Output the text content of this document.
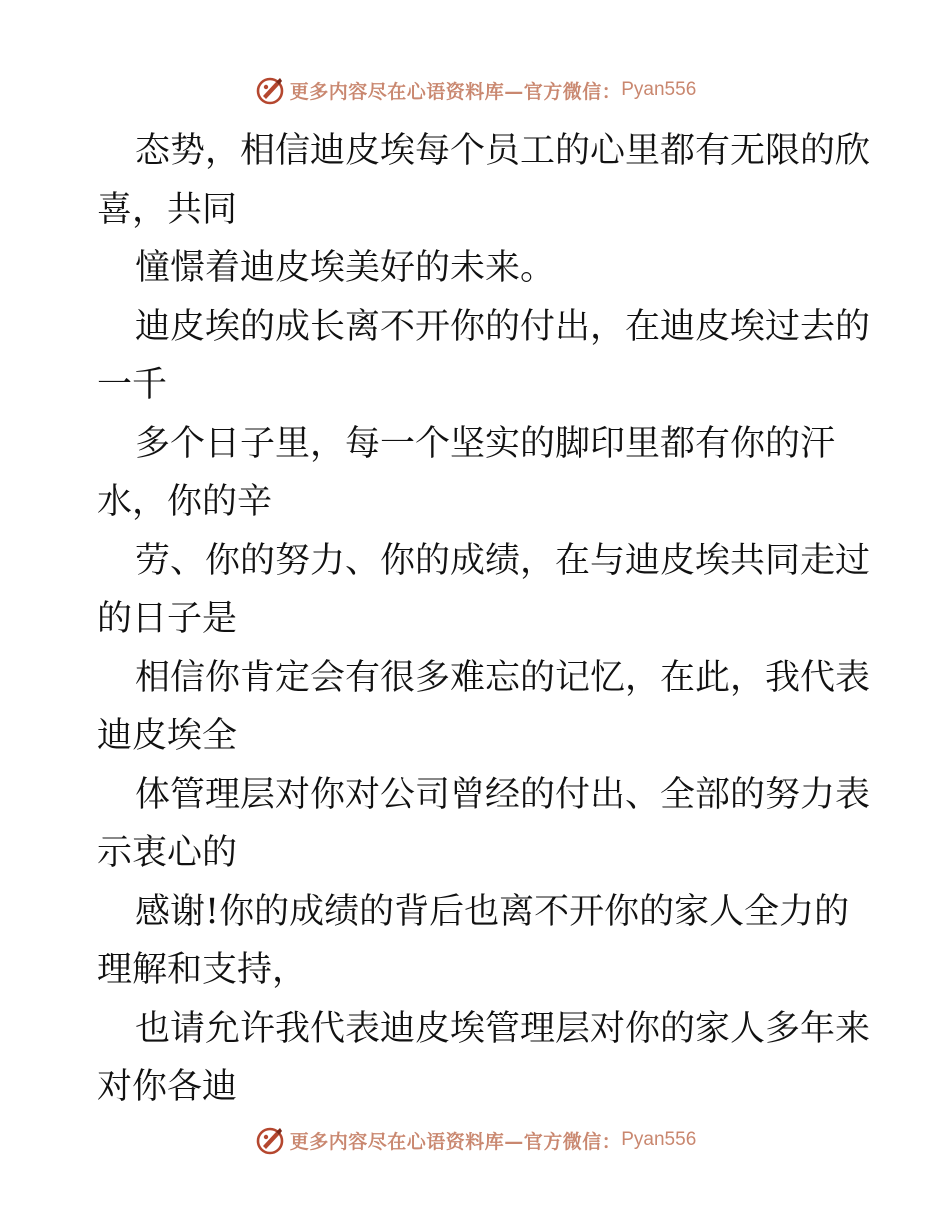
更多内容尽在心语资料库—官方微信： Pyan556
态势，相信迪皮埃每个员工的心里都有无限的欣
喜，共同
憧憬着迪皮埃美好的未来。
迪皮埃的成长离不开你的付出，在迪皮埃过去的
一千
多个日子里，每一个坚实的脚印里都有你的汗
水，你的辛
劳、你的努力、你的成绩，在与迪皮埃共同走过
的日子是
相信你肯定会有很多难忘的记忆，在此，我代表
迪皮埃全
体管理层对你对公司曾经的付出、全部的努力表
示衷心的
感谢!你的成绩的背后也离不开你的家人全力的
理解和支持，
也请允许我代表迪皮埃管理层对你的家人多年来
对你各迪
更多内容尽在心语资料库—官方微信： Pyan556
